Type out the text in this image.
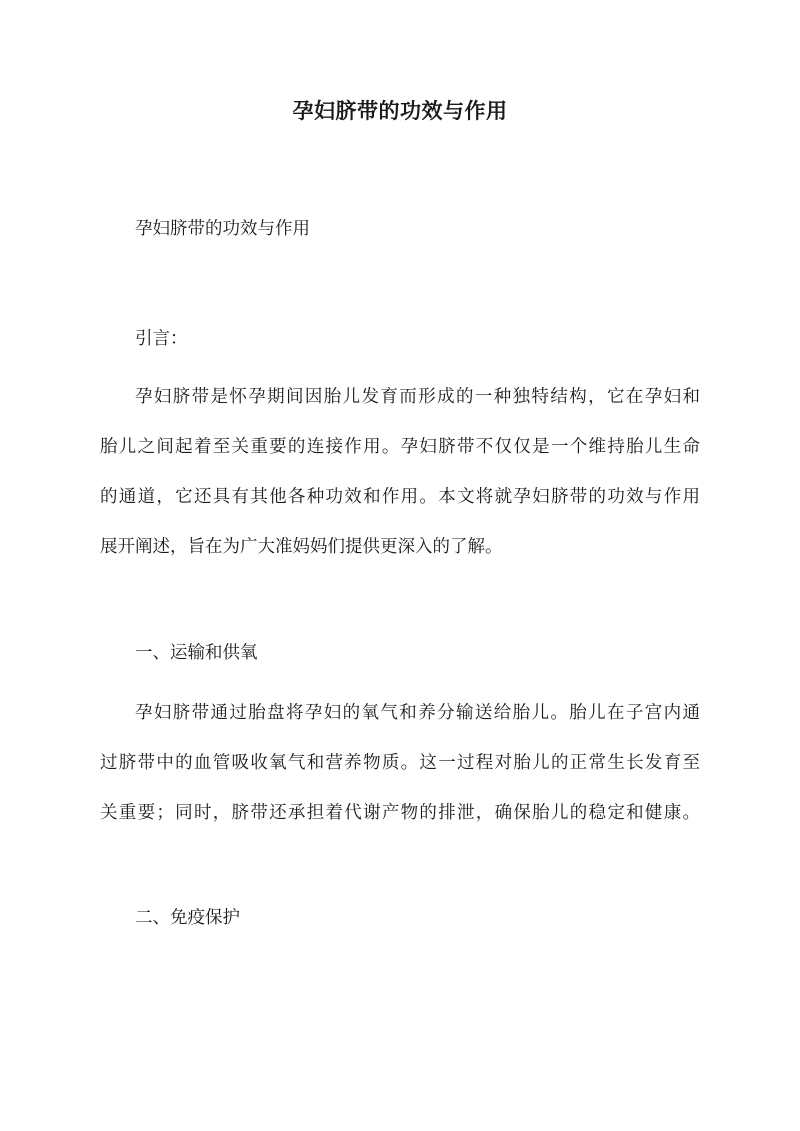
孕妇脐带的功效与作用
孕妇脐带的功效与作用
引言：
孕妇脐带是怀孕期间因胎儿发育而形成的一种独特结构，它在孕妇和
胎儿之间起着至关重要的连接作用。孕妇脐带不仅仅是一个维持胎儿生命
的通道，它还具有其他各种功效和作用。本文将就孕妇脐带的功效与作用
展开阐述，旨在为广大准妈妈们提供更深入的了解。
一、运输和供氧
孕妇脐带通过胎盘将孕妇的氧气和养分输送给胎儿。胎儿在子宫内通
过脐带中的血管吸收氧气和营养物质。这一过程对胎儿的正常生长发育至
关重要；同时，脐带还承担着代谢产物的排泄，确保胎儿的稳定和健康。
二、免疫保护
